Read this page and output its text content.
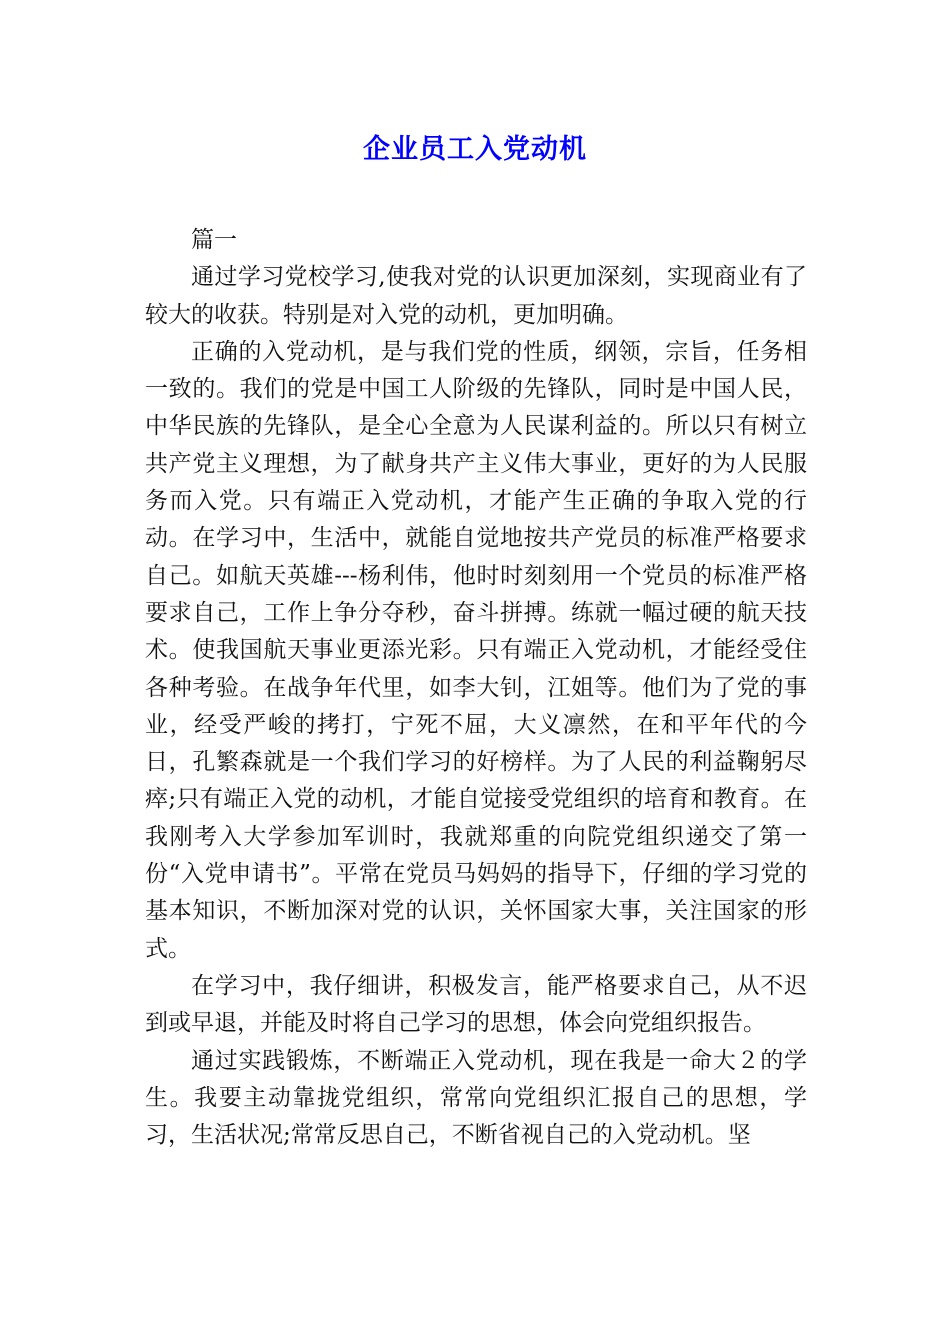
企业员工入党动机

篇一

通过学习党校学习,使我对党的认识更加深刻，实现商业有了较大的收获。特别是对入党的动机，更加明确。

正确的入党动机，是与我们党的性质，纲领，宗旨，任务相一致的。我们的党是中国工人阶级的先锋队，同时是中国人民，中华民族的先锋队，是全心全意为人民谋利益的。所以只有树立共产党主义理想，为了献身共产主义伟大事业，更好的为人民服务而入党。只有端正入党动机，才能产生正确的争取入党的行动。在学习中，生活中，就能自觉地按共产党员的标准严格要求自己。如航天英雄---杨利伟，他时时刻刻用一个党员的标准严格要求自己，工作上争分夺秒，奋斗拼搏。练就一幅过硬的航天技术。使我国航天事业更添光彩。只有端正入党动机，才能经受住各种考验。在战争年代里，如李大钊，江姐等。他们为了党的事业，经受严峻的拷打，宁死不屈，大义凛然，在和平年代的今日，孔繁森就是一个我们学习的好榜样。为了人民的利益鞠躬尽瘁;只有端正入党的动机，才能自觉接受党组织的培育和教育。在我刚考入大学参加军训时，我就郑重的向院党组织递交了第一份“入党申请书”。平常在党员马妈妈的指导下，仔细的学习党的基本知识，不断加深对党的认识，关怀国家大事，关注国家的形式。

在学习中，我仔细讲，积极发言，能严格要求自己，从不迟到或早退，并能及时将自己学习的思想，体会向党组织报告。

通过实践锻炼，不断端正入党动机，现在我是一命大２的学生。我要主动靠拢党组织，常常向党组织汇报自己的思想，学习，生活状况;常常反思自己，不断省视自己的入党动机。坚
